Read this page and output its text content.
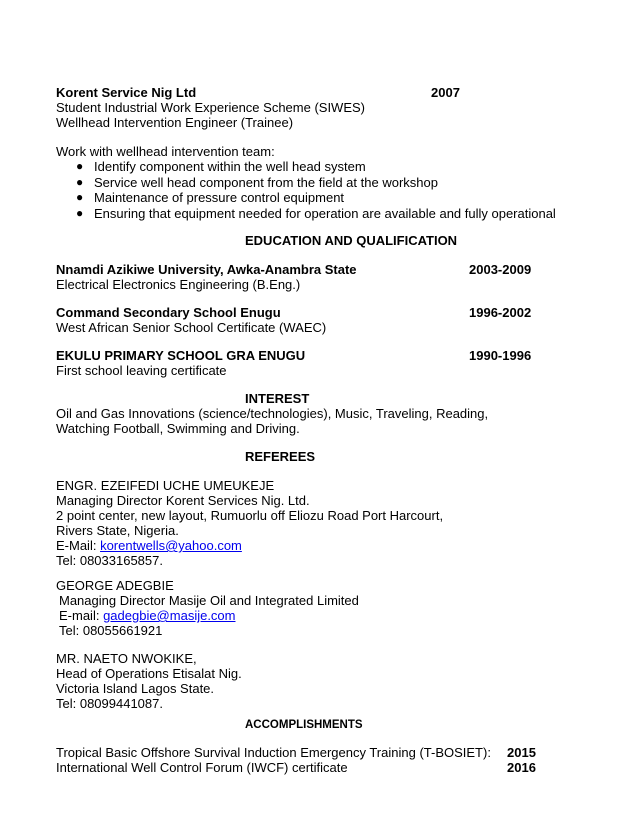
Korent Service Nig Ltd	2007
Student Industrial Work Experience Scheme (SIWES)
Wellhead Intervention Engineer (Trainee)
Work with wellhead intervention team:
● Identify component within the well head system
● Service well head component from the field at the workshop
● Maintenance of pressure control equipment
● Ensuring that equipment needed for operation are available and fully operational
EDUCATION AND QUALIFICATION
Nnamdi Azikiwe University, Awka-Anambra State	2003-2009
Electrical Electronics Engineering (B.Eng.)
Command Secondary School Enugu	1996-2002
West African Senior School Certificate (WAEC)
EKULU PRIMARY SCHOOL GRA ENUGU	1990-1996
First school leaving certificate
INTEREST
Oil and Gas Innovations (science/technologies), Music, Traveling, Reading,
Watching Football, Swimming and Driving.
REFEREES
ENGR. EZEIFEDI UCHE UMEUKEJE
Managing Director Korent Services Nig. Ltd.
2 point center, new layout, Rumuorlu off Eliozu Road Port Harcourt,
Rivers State, Nigeria.
E-Mail: korentwells@yahoo.com
Tel: 08033165857.
GEORGE ADEGBIE
Managing Director Masije Oil and Integrated Limited
E-mail: gadegbie@masije.com
Tel: 08055661921
MR. NAETO NWOKIKE,
Head of Operations Etisalat Nig.
Victoria Island Lagos State.
Tel: 08099441087.
ACCOMPLISHMENTS
Tropical Basic Offshore Survival Induction Emergency Training (T-BOSIET): 2015
International Well Control Forum (IWCF) certificate	2016
